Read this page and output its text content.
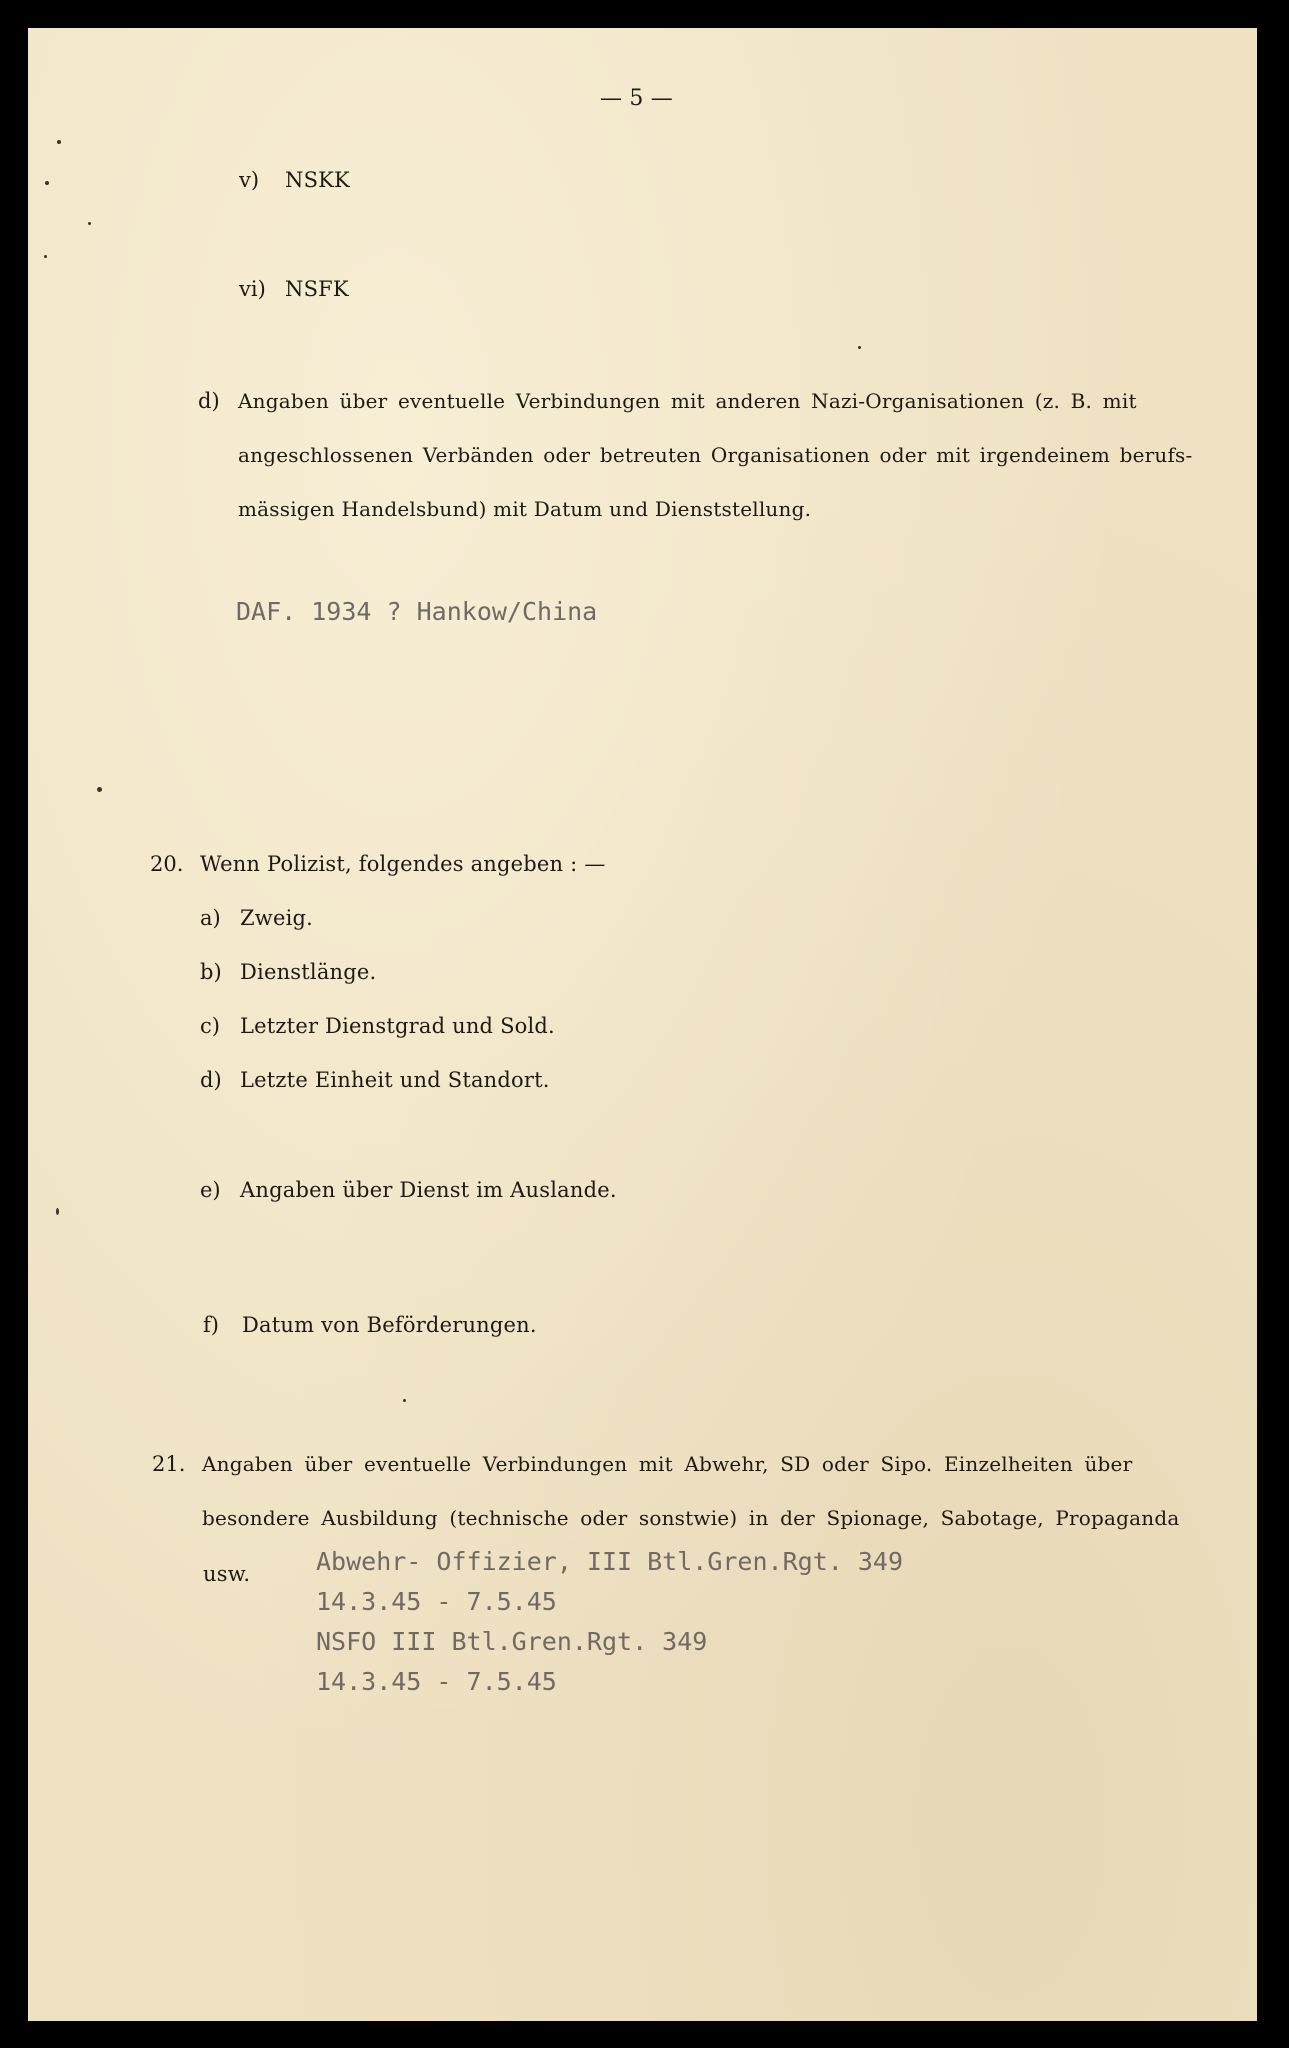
— 5 —
v) NSKK
vi) NSFK
d) Angaben über eventuelle Verbindungen mit anderen Nazi-Organisationen (z. B. mit
angeschlossenen Verbänden oder betreuten Organisationen oder mit irgendeinem berufs-
mässigen Handelsbund) mit Datum und Dienststellung.
DAF. 1934 ? Hankow/China
20. Wenn Polizist, folgendes angeben : —
a) Zweig.
b) Dienstlänge.
c) Letzter Dienstgrad und Sold.
d) Letzte Einheit und Standort.
e) Angaben über Dienst im Auslande.
f) Datum von Beförderungen.
21. Angaben über eventuelle Verbindungen mit Abwehr, SD oder Sipo. Einzelheiten über
besondere Ausbildung (technische oder sonstwie) in der Spionage, Sabotage, Propaganda
usw.	Abwehr- Offizier, III Btl.Gren.Rgt. 349
14.3.45 - 7.5.45
NSFO III Btl.Gren.Rgt. 349
14.3.45 - 7.5.45
